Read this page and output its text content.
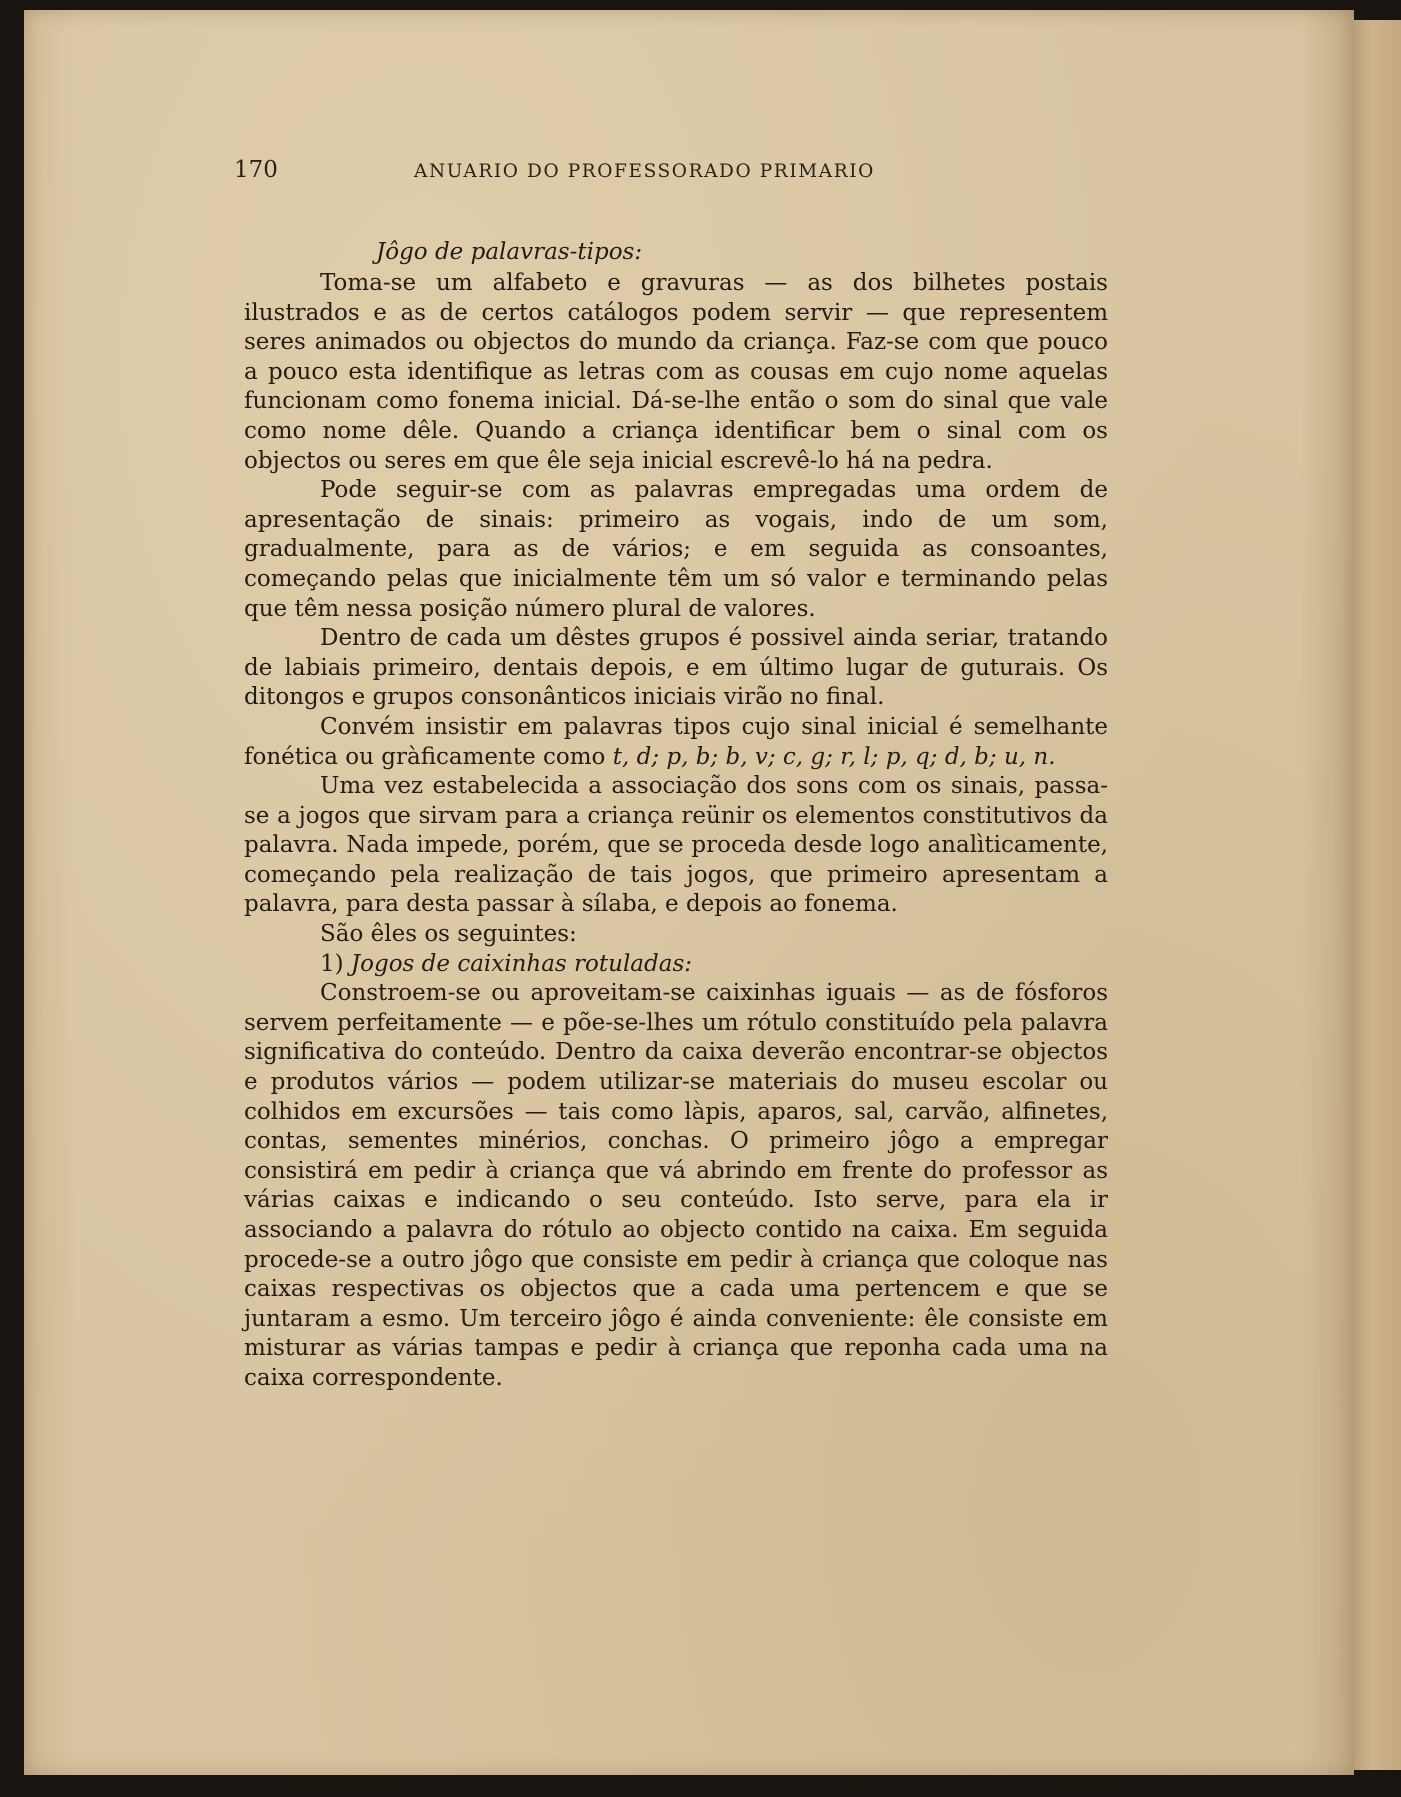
170	ANUARIO DO PROFESSORADO PRIMARIO

Jôgo de palavras-tipos:

Toma-se um alfabeto e gravuras — as dos bilhetes postais ilustrados e as de certos catálogos podem servir — que representem seres animados ou objectos do mundo da criança. Faz-se com que pouco a pouco esta identifique as letras com as cousas em cujo nome aquelas funcionam como fonema inicial. Dá-se-lhe então o som do sinal que vale como nome dêle. Quando a criança identificar bem o sinal com os objectos ou seres em que êle seja inicial escrevê-lo há na pedra.

Pode seguir-se com as palavras empregadas uma ordem de apresentação de sinais: primeiro as vogais, indo de um som, gradualmente, para as de vários; e em seguida as consoantes, começando pelas que inicialmente têm um só valor e terminando pelas que têm nessa posição número plural de valores.

Dentro de cada um dêstes grupos é possivel ainda seriar, tratando de labiais primeiro, dentais depois, e em último lugar de guturais. Os ditongos e grupos consonânticos iniciais virão no final.

Convém insistir em palavras tipos cujo sinal inicial é semelhante fonética ou gràficamente como t, d; p, b; b, v; c, g; r, l; p, q; d, b; u, n.

Uma vez estabelecida a associação dos sons com os sinais, passa-se a jogos que sirvam para a criança reünir os elementos constitutivos da palavra. Nada impede, porém, que se proceda desde logo analìticamente, começando pela realização de tais jogos, que primeiro apresentam a palavra, para desta passar à sílaba, e depois ao fonema.

São êles os seguintes:

1) Jogos de caixinhas rotuladas:

Constroem-se ou aproveitam-se caixinhas iguais — as de fósforos servem perfeitamente — e põe-se-lhes um rótulo constituído pela palavra significativa do conteúdo. Dentro da caixa deverão encontrar-se objectos e produtos vários — podem utilizar-se materiais do museu escolar ou colhidos em excursões — tais como làpis, aparos, sal, carvão, alfinetes, contas, sementes minérios, conchas. O primeiro jôgo a empregar consistirá em pedir à criança que vá abrindo em frente do professor as várias caixas e indicando o seu conteúdo. Isto serve, para ela ir associando a palavra do rótulo ao objecto contido na caixa. Em seguida procede-se a outro jôgo que consiste em pedir à criança que coloque nas caixas respectivas os objectos que a cada uma pertencem e que se juntaram a esmo. Um terceiro jôgo é ainda conveniente: êle consiste em misturar as várias tampas e pedir à criança que reponha cada uma na caixa correspondente.
